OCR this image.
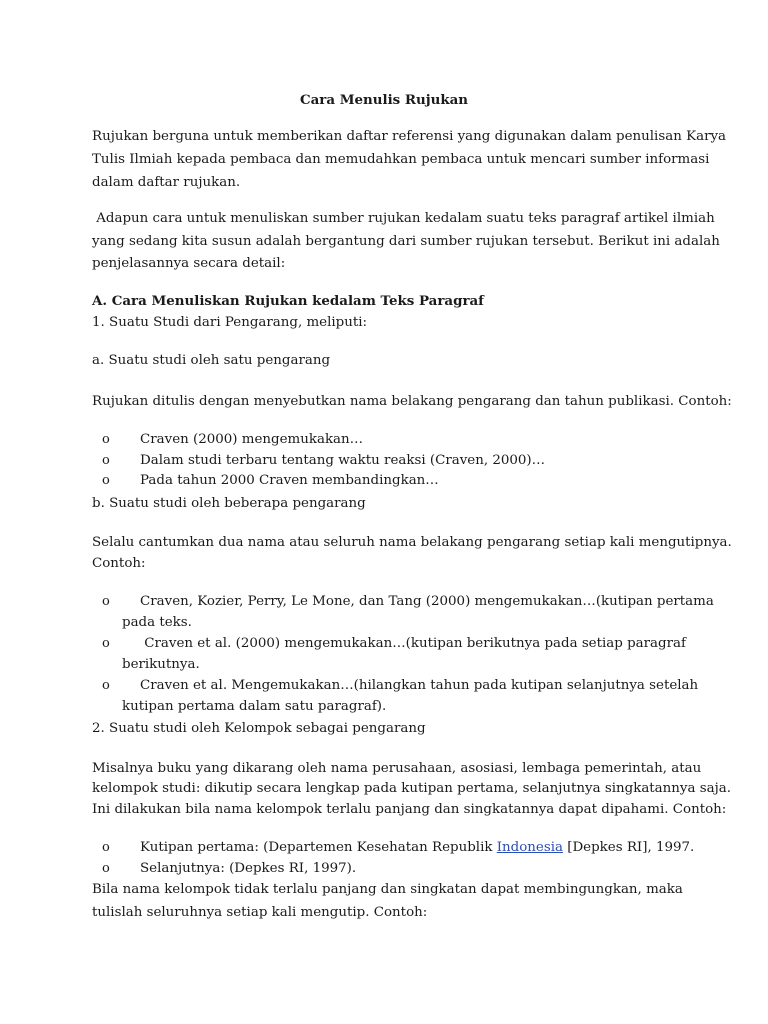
Cara Menulis Rujukan
Rujukan berguna untuk memberikan daftar referensi yang digunakan dalam penulisan Karya
Tulis Ilmiah kepada pembaca dan memudahkan pembaca untuk mencari sumber informasi
dalam daftar rujukan.
Adapun cara untuk menuliskan sumber rujukan kedalam suatu teks paragraf artikel ilmiah
yang sedang kita susun adalah bergantung dari sumber rujukan tersebut. Berikut ini adalah
penjelasannya secara detail:
A. Cara Menuliskan Rujukan kedalam Teks Paragraf
1. Suatu Studi dari Pengarang, meliputi:
a. Suatu studi oleh satu pengarang
Rujukan ditulis dengan menyebutkan nama belakang pengarang dan tahun publikasi. Contoh:
o Craven (2000) mengemukakan…
o Dalam studi terbaru tentang waktu reaksi (Craven, 2000)…
o Pada tahun 2000 Craven membandingkan…
b. Suatu studi oleh beberapa pengarang
Selalu cantumkan dua nama atau seluruh nama belakang pengarang setiap kali mengutipnya.
Contoh:
o Craven, Kozier, Perry, Le Mone, dan Tang (2000) mengemukakan…(kutipan pertama
pada teks.
o Craven et al. (2000) mengemukakan…(kutipan berikutnya pada setiap paragraf
berikutnya.
o Craven et al. Mengemukakan…(hilangkan tahun pada kutipan selanjutnya setelah
kutipan pertama dalam satu paragraf).
2. Suatu studi oleh Kelompok sebagai pengarang
Misalnya buku yang dikarang oleh nama perusahaan, asosiasi, lembaga pemerintah, atau
kelompok studi: dikutip secara lengkap pada kutipan pertama, selanjutnya singkatannya saja.
Ini dilakukan bila nama kelompok terlalu panjang dan singkatannya dapat dipahami. Contoh:
o Kutipan pertama: (Departemen Kesehatan Republik Indonesia [Depkes RI], 1997.
o Selanjutnya: (Depkes RI, 1997).
Bila nama kelompok tidak terlalu panjang dan singkatan dapat membingungkan, maka
tulislah seluruhnya setiap kali mengutip. Contoh:
